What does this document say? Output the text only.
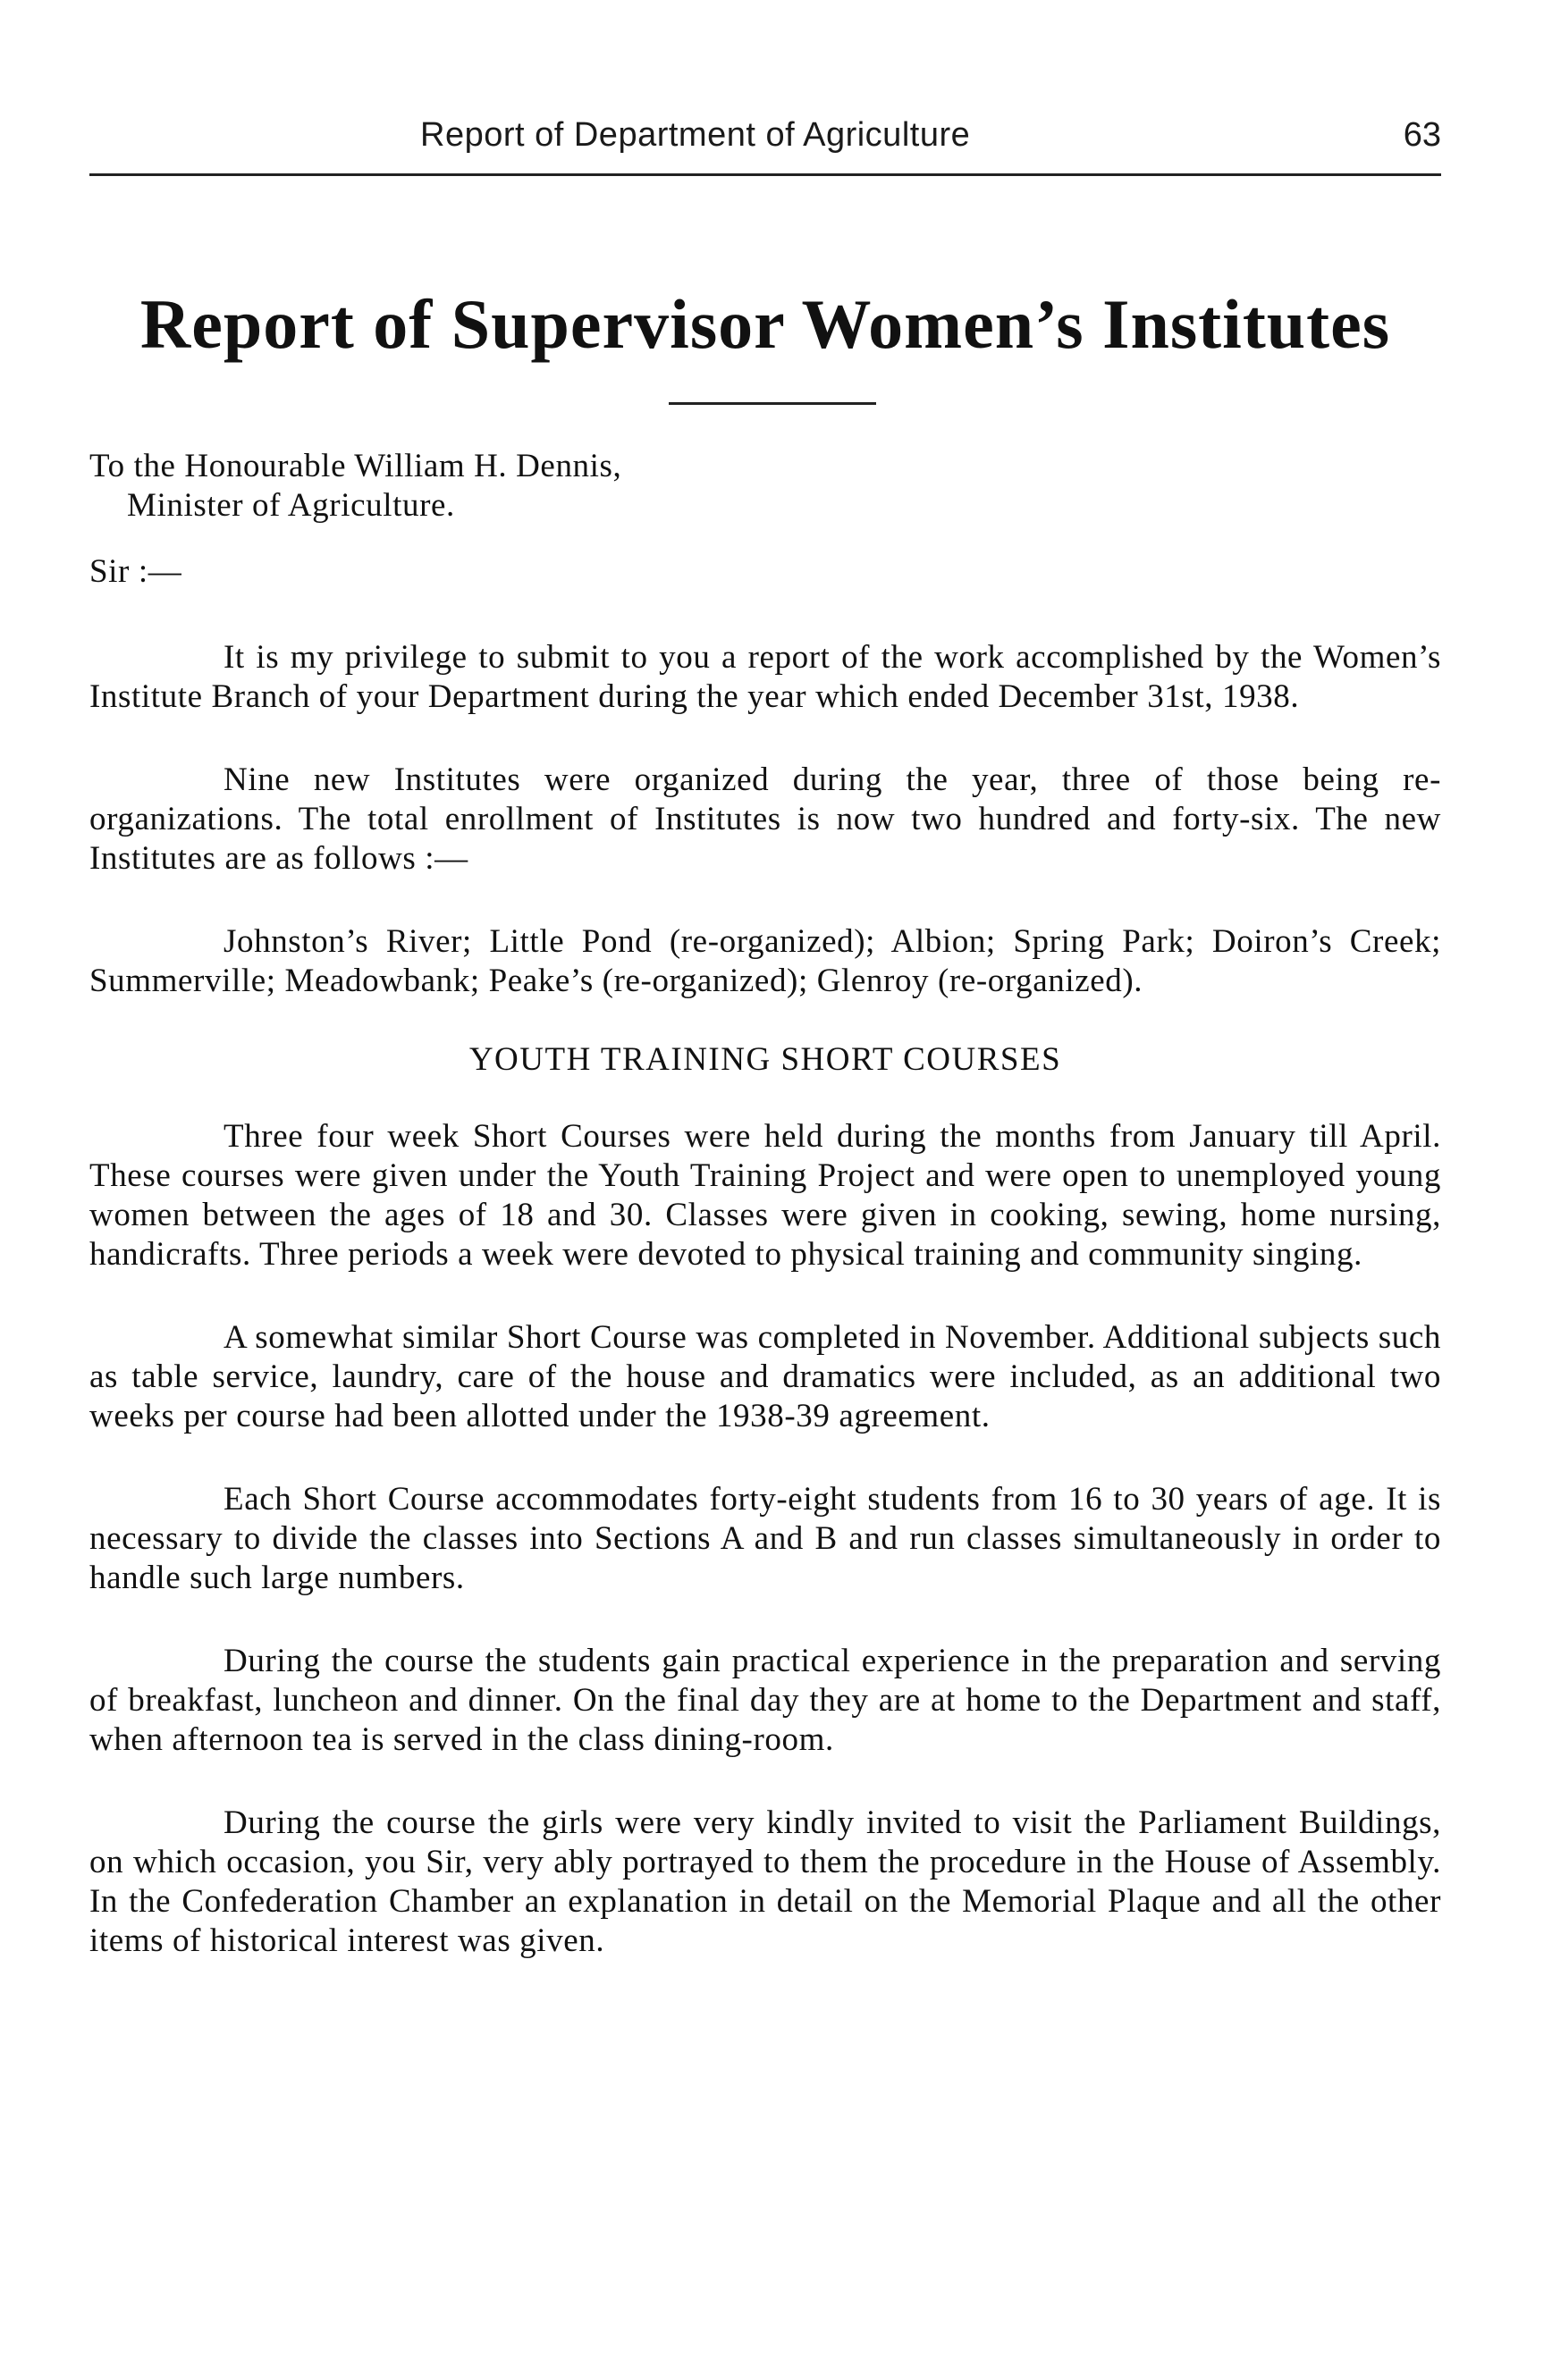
Report of Department of Agriculture	63
Report of Supervisor Women’s Institutes

To the Honourable William H. Dennis,
Minister of Agriculture.

Sir :—

It is my privilege to submit to you a report of the work accomplished by the Women’s Institute Branch of your Department during the year which ended December 31st, 1938.

Nine new Institutes were organized during the year, three of those being re-organizations. The total enrollment of Institutes is now two hundred and forty-six. The new Institutes are as follows :—

Johnston’s River; Little Pond (re-organized); Albion; Spring Park; Doiron’s Creek; Summerville; Meadowbank; Peake’s (re-organized); Glenroy (re-organized).

YOUTH TRAINING SHORT COURSES

Three four week Short Courses were held during the months from January till April. These courses were given under the Youth Training Project and were open to unemployed young women between the ages of 18 and 30. Classes were given in cooking, sewing, home nursing, handicrafts. Three periods a week were devoted to physical training and community singing.

A somewhat similar Short Course was completed in November. Additional subjects such as table service, laundry, care of the house and dramatics were included, as an additional two weeks per course had been allotted under the 1938-39 agreement.

Each Short Course accommodates forty-eight students from 16 to 30 years of age. It is necessary to divide the classes into Sections A and B and run classes simultaneously in order to handle such large numbers.

During the course the students gain practical experience in the preparation and serving of breakfast, luncheon and dinner. On the final day they are at home to the Department and staff, when afternoon tea is served in the class dining-room.

During the course the girls were very kindly invited to visit the Parliament Buildings, on which occasion, you Sir, very ably portrayed to them the procedure in the House of Assembly. In the Confederation Chamber an explanation in detail on the Memorial Plaque and all the other items of historical interest was given.
